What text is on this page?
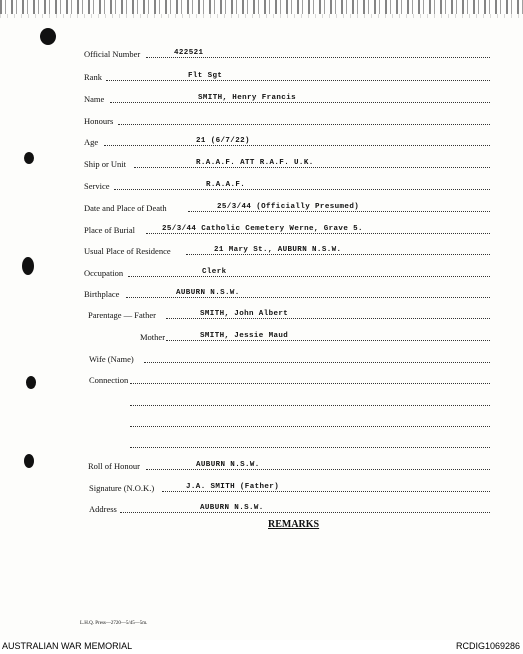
Official Number	422521
Rank	Flt Sgt
Name	SMITH, Henry Francis
Honours
Age	21 (6/7/22)
Ship or Unit	R.A.A.F. ATT R.A.F. U.K.
Service	R.A.A.F.
Date and Place of Death	25/3/44 (Officially Presumed)
Place of Burial	25/3/44 Catholic Cemetery Werne, Grave 5.
Usual Place of Residence	21 Mary St., AUBURN N.S.W.
Occupation	Clerk
Birthplace	AUBURN N.S.W.
Parentage — Father	SMITH, John Albert
Mother	SMITH, Jessie Maud
Wife (Name)
Connection
Roll of Honour	AUBURN N.S.W.
Signature (N.O.K.)	J.A. SMITH (Father)
Address	AUBURN N.S.W.
REMARKS
L.H.Q. Press—2720—5/45—5m.
AUSTRALIAN WAR MEMORIAL	RCDIG1069286
